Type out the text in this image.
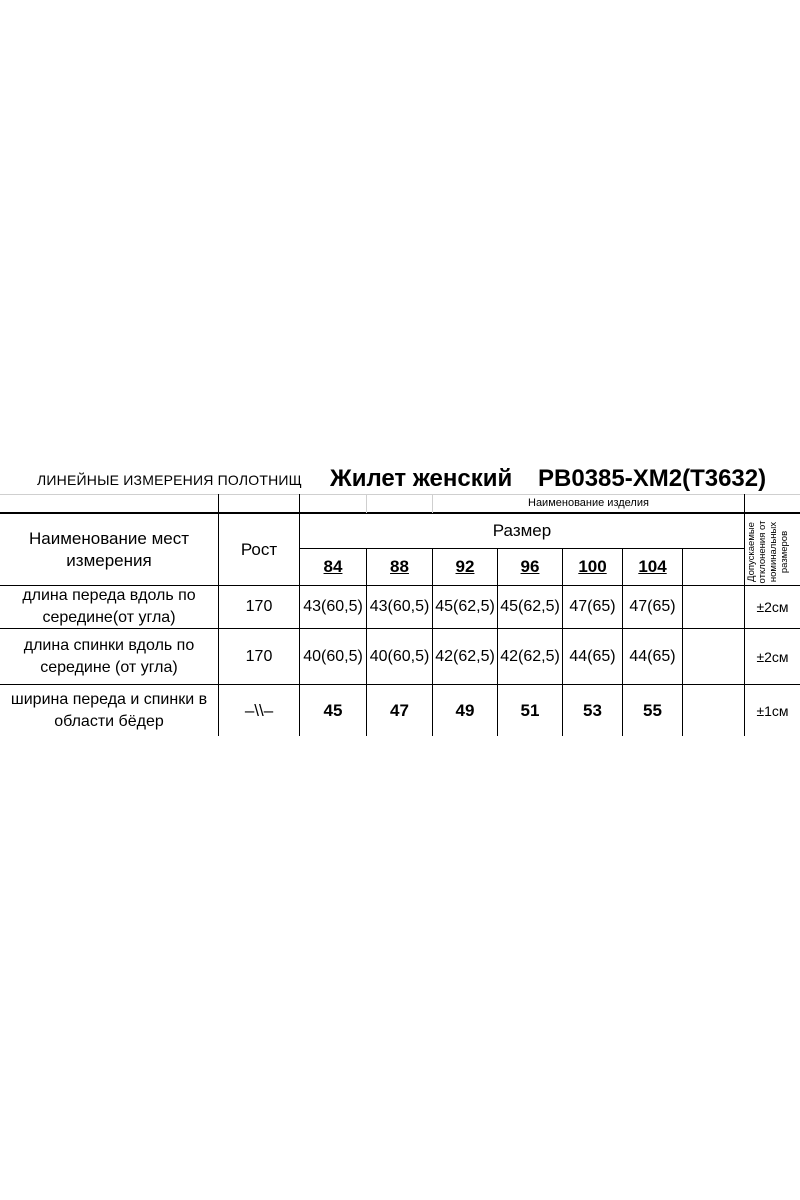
ЛИНЕЙНЫЕ ИЗМЕРЕНИЯ ПОЛОТНИЩ Жилет женский РВ0385-ХМ2(Т3632)
Наименование изделия
Наименование мест измерения
Рост
Размер	Допускаемые отклонения от номинальных размеров
84	88	92	96	100	104
длина переда вдоль по середине(от угла)
170	43(60,5) 43(60,5) 45(62,5) 45(62,5) 47(65) 47(65)	±2см
длина спинки вдоль по середине (от угла)
170	40(60,5) 40(60,5) 42(62,5) 42(62,5) 44(65) 44(65)	±2см
ширина переда и спинки в области бёдер
–\\–	45	47	49	51	53	55	±1см
